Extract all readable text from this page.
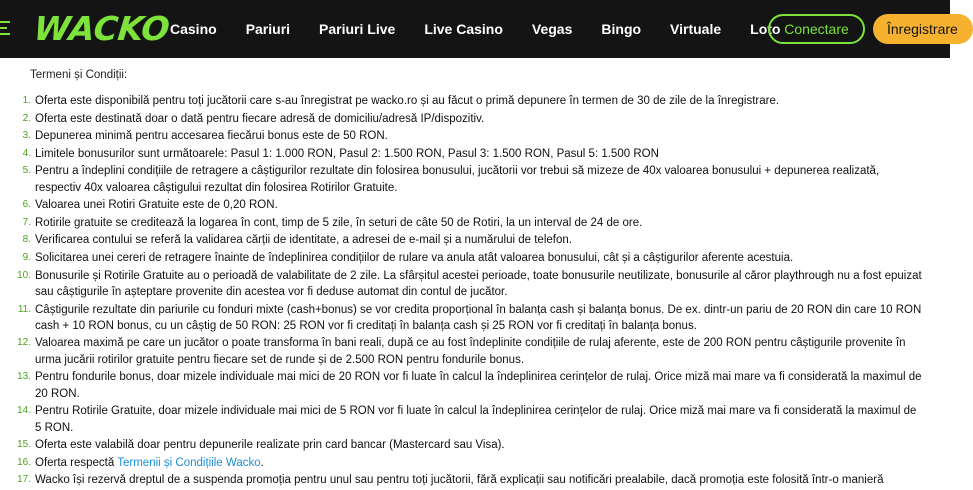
WACKO
Casino Pariuri Pariuri Live Live Casino Vegas Bingo Virtuale Loto Conectare	Înregistrare
Termeni și Condiții:
1. Oferta este disponibilă pentru toți jucătorii care s-au înregistrat pe wacko.ro și au făcut o primă depunere în termen de 30 de zile de la înregistrare.
2. Oferta este destinată doar o dată pentru fiecare adresă de domiciliu/adresă IP/dispozitiv.
3. Depunerea minimă pentru accesarea fiecărui bonus este de 50 RON.
4. Limitele bonusurilor sunt următoarele: Pasul 1: 1.000 RON, Pasul 2: 1.500 RON, Pasul 3: 1.500 RON, Pasul 5: 1.500 RON
5. Pentru a îndeplini condițiile de retragere a câștigurilor rezultate din folosirea bonusului, jucătorii vor trebui să mizeze de 40x valoarea bonusului + depunerea realizată, respectiv 40x valoarea câștigului rezultat din folosirea Rotirilor Gratuite.
6. Valoarea unei Rotiri Gratuite este de 0,20 RON.
7. Rotirile gratuite se creditează la logarea în cont, timp de 5 zile, în seturi de câte 50 de Rotiri, la un interval de 24 de ore.
8. Verificarea contului se referă la validarea cărții de identitate, a adresei de e-mail și a numărului de telefon.
9. Solicitarea unei cereri de retragere înainte de îndeplinirea condițiilor de rulare va anula atât valoarea bonusului, cât și a câștigurilor aferente acestuia.
10. Bonusurile și Rotirile Gratuite au o perioadă de valabilitate de 2 zile. La sfârșitul acestei perioade, toate bonusurile neutilizate, bonusurile al căror playthrough nu a fost epuizat sau câștigurile în așteptare provenite din acestea vor fi deduse automat din contul de jucător.
11. Câștigurile rezultate din pariurile cu fonduri mixte (cash+bonus) se vor credita proporțional în balanța cash și balanța bonus. De ex. dintr-un pariu de 20 RON din care 10 RON cash + 10 RON bonus, cu un câștig de 50 RON: 25 RON vor fi creditați în balanța cash și 25 RON vor fi creditați în balanța bonus.
12. Valoarea maximă pe care un jucător o poate transforma în bani reali, după ce au fost îndeplinite condițiile de rulaj aferente, este de 200 RON pentru câștigurile provenite în urma jucării rotirilor gratuite pentru fiecare set de runde și de 2.500 RON pentru fondurile bonus.
13. Pentru fondurile bonus, doar mizele individuale mai mici de 20 RON vor fi luate în calcul la îndeplinirea cerințelor de rulaj. Orice miză mai mare va fi considerată la maximul de 20 RON.
14. Pentru Rotirile Gratuite, doar mizele individuale mai mici de 5 RON vor fi luate în calcul la îndeplinirea cerințelor de rulaj. Orice miză mai mare va fi considerată la maximul de 5 RON.
15. Oferta este valabilă doar pentru depunerile realizate prin card bancar (Mastercard sau Visa).
16. Oferta respectă Termenii și Condițiile Wacko.
17. Wacko își rezervă dreptul de a suspenda promoția pentru unul sau pentru toți jucătorii, fără explicații sau notificări prealabile, dacă promoția este folosită într-o manieră
